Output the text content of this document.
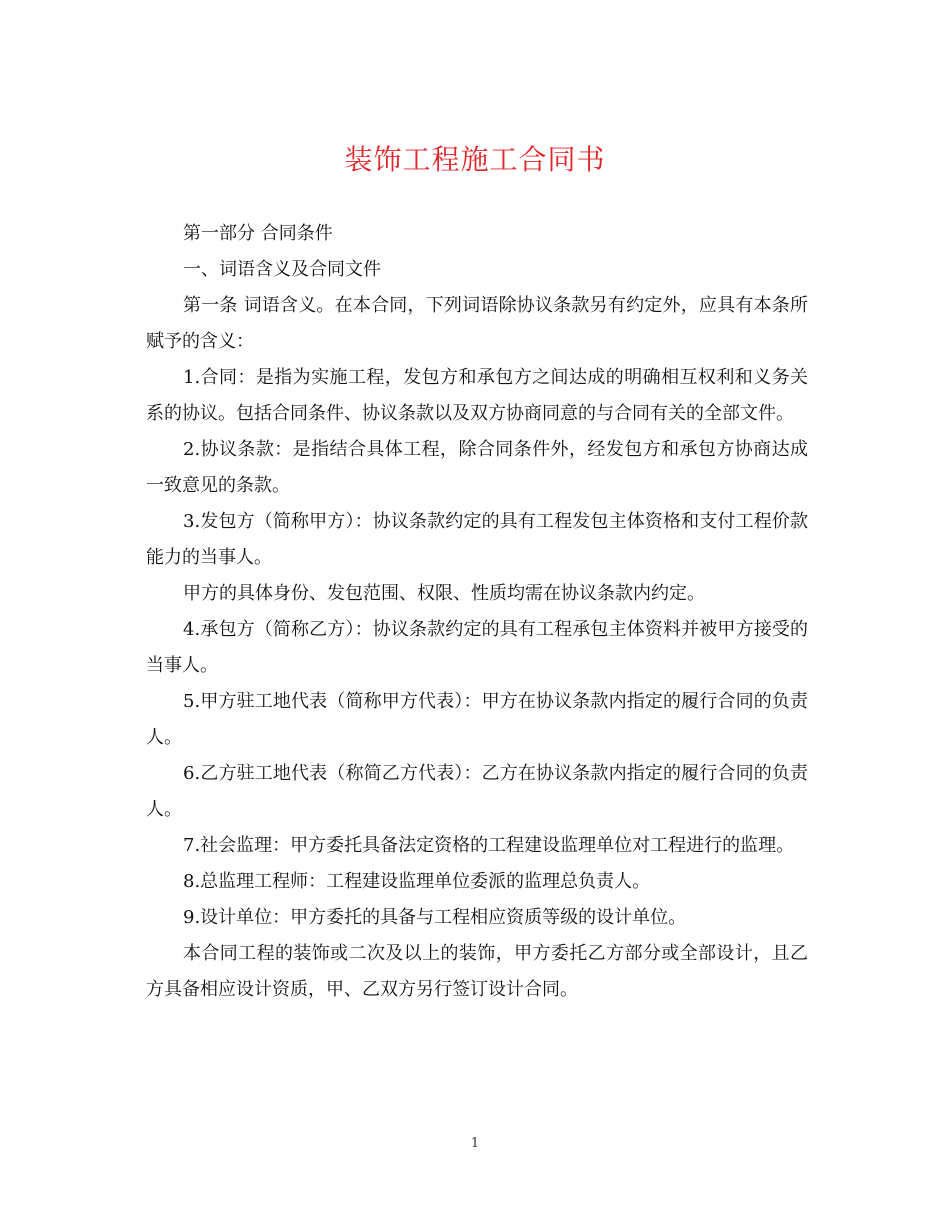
装饰工程施工合同书

第一部分 合同条件

一、词语含义及合同文件

第一条 词语含义。在本合同，下列词语除协议条款另有约定外，应具有本条所赋予的含义：

1.合同：是指为实施工程，发包方和承包方之间达成的明确相互权利和义务关系的协议。包括合同条件、协议条款以及双方协商同意的与合同有关的全部文件。

2.协议条款：是指结合具体工程，除合同条件外，经发包方和承包方协商达成一致意见的条款。

3.发包方（简称甲方）：协议条款约定的具有工程发包主体资格和支付工程价款能力的当事人。

甲方的具体身份、发包范围、权限、性质均需在协议条款内约定。

4.承包方（简称乙方）：协议条款约定的具有工程承包主体资料并被甲方接受的当事人。

5.甲方驻工地代表（简称甲方代表）：甲方在协议条款内指定的履行合同的负责人。

6.乙方驻工地代表（称简乙方代表）：乙方在协议条款内指定的履行合同的负责人。

7.社会监理：甲方委托具备法定资格的工程建设监理单位对工程进行的监理。

8.总监理工程师：工程建设监理单位委派的监理总负责人。

9.设计单位：甲方委托的具备与工程相应资质等级的设计单位。

本合同工程的装饰或二次及以上的装饰，甲方委托乙方部分或全部设计，且乙方具备相应设计资质，甲、乙双方另行签订设计合同。

1
